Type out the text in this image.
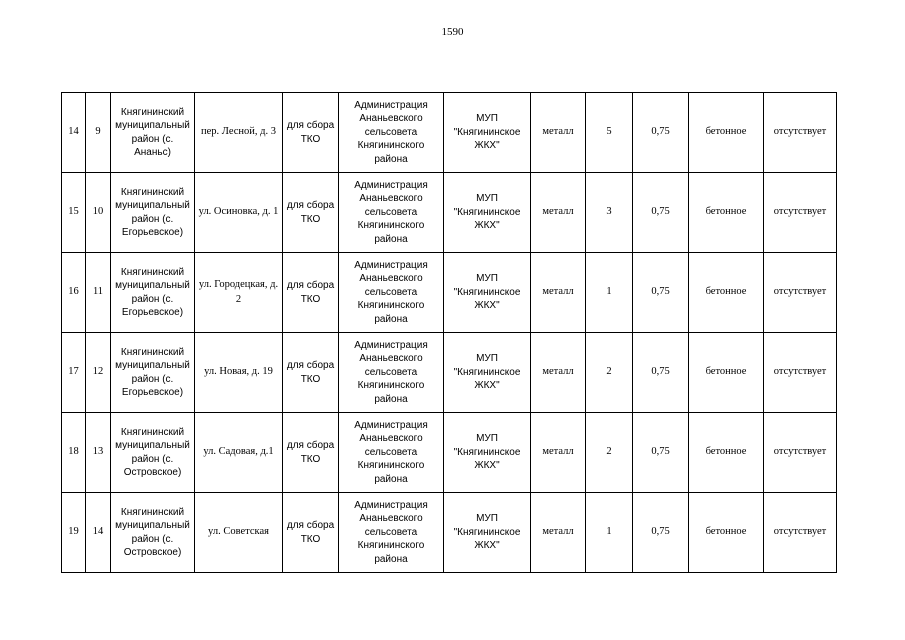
1590
14	9	Княгининский муниципальный район (с. Ананьс)	пер. Лесной, д. 3	для сбора ТКО	Администрация Ананьевского сельсовета Княгининского района	МУП "Княгининское ЖКХ"	металл	5	0,75	бетонное	отсутствует
15	10	Княгининский муниципальный район (с. Егорьевское)	ул. Осиновка, д. 1	для сбора ТКО	Администрация Ананьевского сельсовета Княгининского района	МУП "Княгининское ЖКХ"	металл	3	0,75	бетонное	отсутствует
16	11	Княгининский муниципальный район (с. Егорьевское)	ул. Городецкая, д. 2	для сбора ТКО	Администрация Ананьевского сельсовета Княгининского района	МУП "Княгининское ЖКХ"	металл	1	0,75	бетонное	отсутствует
17	12	Княгининский муниципальный район (с. Егорьевское)	ул. Новая, д. 19	для сбора ТКО	Администрация Ананьевского сельсовета Княгининского района	МУП "Княгининское ЖКХ"	металл	2	0,75	бетонное	отсутствует
18	13	Княгининский муниципальный район (с. Островское)	ул. Садовая, д.1	для сбора ТКО	Администрация Ананьевского сельсовета Княгининского района	МУП "Княгининское ЖКХ"	металл	2	0,75	бетонное	отсутствует
19	14	Княгининский муниципальный район (с. Островское)	ул. Советская	для сбора ТКО	Администрация Ананьевского сельсовета Княгининского района	МУП "Княгининское ЖКХ"	металл	1	0,75	бетонное	отсутствует
